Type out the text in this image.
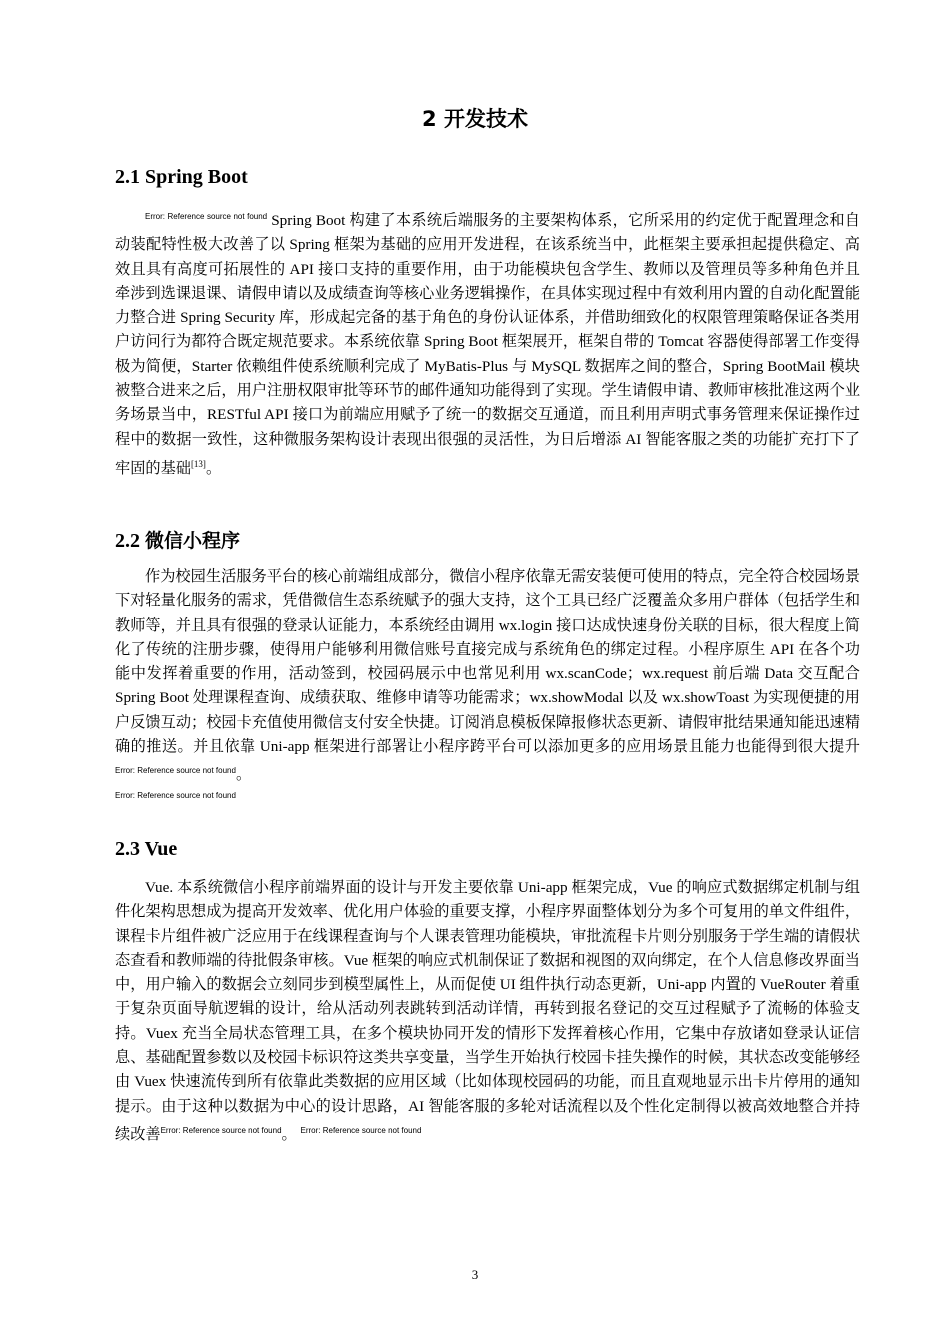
2 开发技术
2.1 Spring Boot
$^{Error: Reference source not found}$ Spring Boot 构建了本系统后端服务的主要架构体系，它所采用的约定优于配置理念和自动装配特性极大改善了以 Spring 框架为基础的应用开发进程，在该系统当中，此框架主要承担起提供稳定、高效且具有高度可拓展性的 API 接口支持的重要作用，由于功能模块包含学生、教师以及管理员等多种角色并且牵涉到选课退课、请假申请以及成绩查询等核心业务逻辑操作，在具体实现过程中有效利用内置的自动化配置能力整合进 Spring Security 库，形成起完备的基于角色的身份认证体系，并借助细致化的权限管理策略保证各类用户访问行为都符合既定规范要求。本系统依靠 Spring Boot 框架展开，框架自带的 Tomcat 容器使得部署工作变得极为简便，Starter 依赖组件使系统顺利完成了 MyBatis-Plus 与 MySQL 数据库之间的整合，Spring BootMail 模块被整合进来之后，用户注册权限审批等环节的邮件通知功能得到了实现。学生请假申请、教师审核批准这两个业务场景当中，RESTful API 接口为前端应用赋予了统一的数据交互通道，而且利用声明式事务管理来保证操作过程中的数据一致性，这种微服务架构设计表现出很强的灵活性，为日后增添 AI 智能客服之类的功能扩充打下了牢固的基础[13]。
2.2 微信小程序
作为校园生活服务平台的核心前端组成部分，微信小程序依靠无需安装便可使用的特点，完全符合校园场景下对轻量化服务的需求，凭借微信生态系统赋予的强大支持，这个工具已经广泛覆盖众多用户群体（包括学生和教师等，并且具有很强的登录认证能力，本系统经由调用 wx.login 接口达成快速身份关联的目标，很大程度上简化了传统的注册步骤，使得用户能够利用微信账号直接完成与系统角色的绑定过程。小程序原生 API 在各个功能中发挥着重要的作用，活动签到，校园码展示中也常见利用 wx.scanCode；wx.request 前后端 Data 交互配合 Spring Boot 处理课程查询、成绩获取、维修申请等功能需求；wx.showModal 以及 wx.showToast 为实现便捷的用户反馈互动；校园卡充值使用微信支付安全快捷。订阅消息模板保障报修状态更新、请假审批结果通知能迅速精确的推送。并且依靠 Uni-app 框架进行部署让小程序跨平台可以添加更多的应用场景且能力也能得到很大提升$^{Error: Reference source not found}$。
Error: Reference source not found
2.3 Vue
Vue. 本系统微信小程序前端界面的设计与开发主要依靠 Uni-app 框架完成，Vue 的响应式数据绑定机制与组件化架构思想成为提高开发效率、优化用户体验的重要支撑，小程序界面整体划分为多个可复用的单文件组件，课程卡片组件被广泛应用于在线课程查询与个人课表管理功能模块，审批流程卡片则分别服务于学生端的请假状态查看和教师端的待批假条审核。Vue 框架的响应式机制保证了数据和视图的双向绑定，在个人信息修改界面当中，用户输入的数据会立刻同步到模型属性上，从而促使 UI 组件执行动态更新，Uni-app 内置的 VueRouter 着重于复杂页面导航逻辑的设计，给从活动列表跳转到活动详情，再转到报名登记的交互过程赋予了流畅的体验支持。Vuex 充当全局状态管理工具，在多个模块协同开发的情形下发挥着核心作用，它集中存放诸如登录认证信息、基础配置参数以及校园卡标识符这类共享变量，当学生开始执行校园卡挂失操作的时候，其状态改变能够经由 Vuex 快速流传到所有依靠此类数据的应用区域（比如体现校园码的功能，而且直观地显示出卡片停用的通知提示。由于这种以数据为中心的设计思路，AI 智能客服的多轮对话流程以及个性化定制得以被高效地整合并持续改善$^{Error: Reference source not found}$。 $^{Error: Reference source not found}$
3
